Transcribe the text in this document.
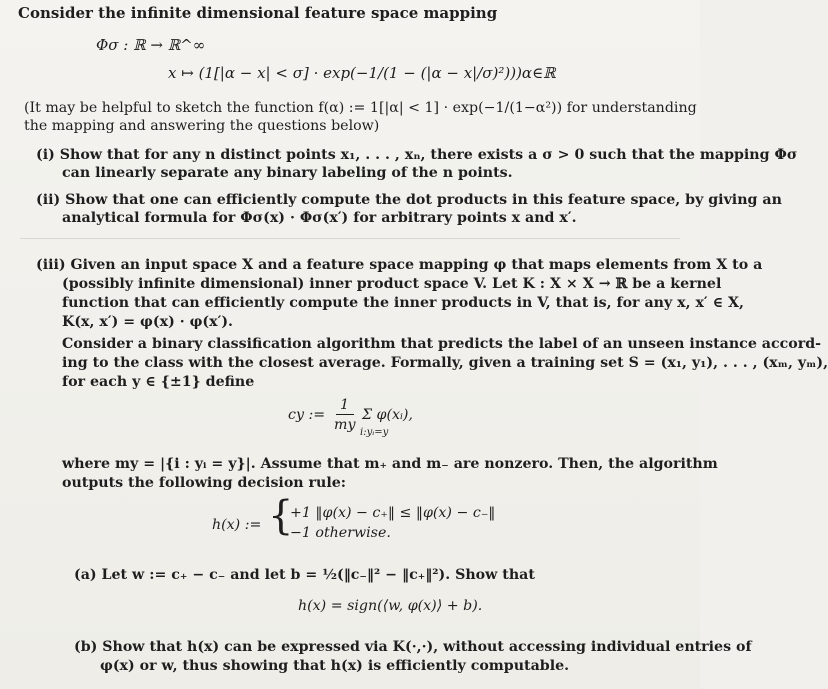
Consider the infinite dimensional feature space mapping
Φσ : ℝ → ℝ^∞
x ↦ (1[|α − x| < σ] · exp(−1/(1 − (|α − x|/σ)²)))α∈ℝ
(It may be helpful to sketch the function f(α) := 1[|α| < 1] · exp(−1/(1−α²)) for understanding
the mapping and answering the questions below)
(i) Show that for any n distinct points x₁, . . . , xₙ, there exists a σ > 0 such that the mapping Φσ
can linearly separate any binary labeling of the n points.
(ii) Show that one can efficiently compute the dot products in this feature space, by giving an
analytical formula for Φσ(x) · Φσ(x′) for arbitrary points x and x′.
(iii) Given an input space X and a feature space mapping φ that maps elements from X to a
(possibly infinite dimensional) inner product space V. Let K : X × X → ℝ be a kernel
function that can efficiently compute the inner products in V, that is, for any x, x′ ∈ X,
K(x, x′) = φ(x) · φ(x′).
Consider a binary classification algorithm that predicts the label of an unseen instance accord-
ing to the class with the closest average. Formally, given a training set S = (x₁, y₁), . . . , (xₘ, yₘ),
for each y ∈ {±1} define
cy :=
1
my
Σ φ(xᵢ),
i:yᵢ=y
where my = |{i : yᵢ = y}|. Assume that m₊ and m₋ are nonzero. Then, the algorithm
outputs the following decision rule:
h(x) := {
+1 ‖φ(x) − c₊‖ ≤ ‖φ(x) − c₋‖
−1 otherwise.
(a) Let w := c₊ − c₋ and let b = ½(‖c₋‖² − ‖c₊‖²). Show that
h(x) = sign(⟨w, φ(x)⟩ + b).
(b) Show that h(x) can be expressed via K(·,·), without accessing individual entries of
φ(x) or w, thus showing that h(x) is efficiently computable.
